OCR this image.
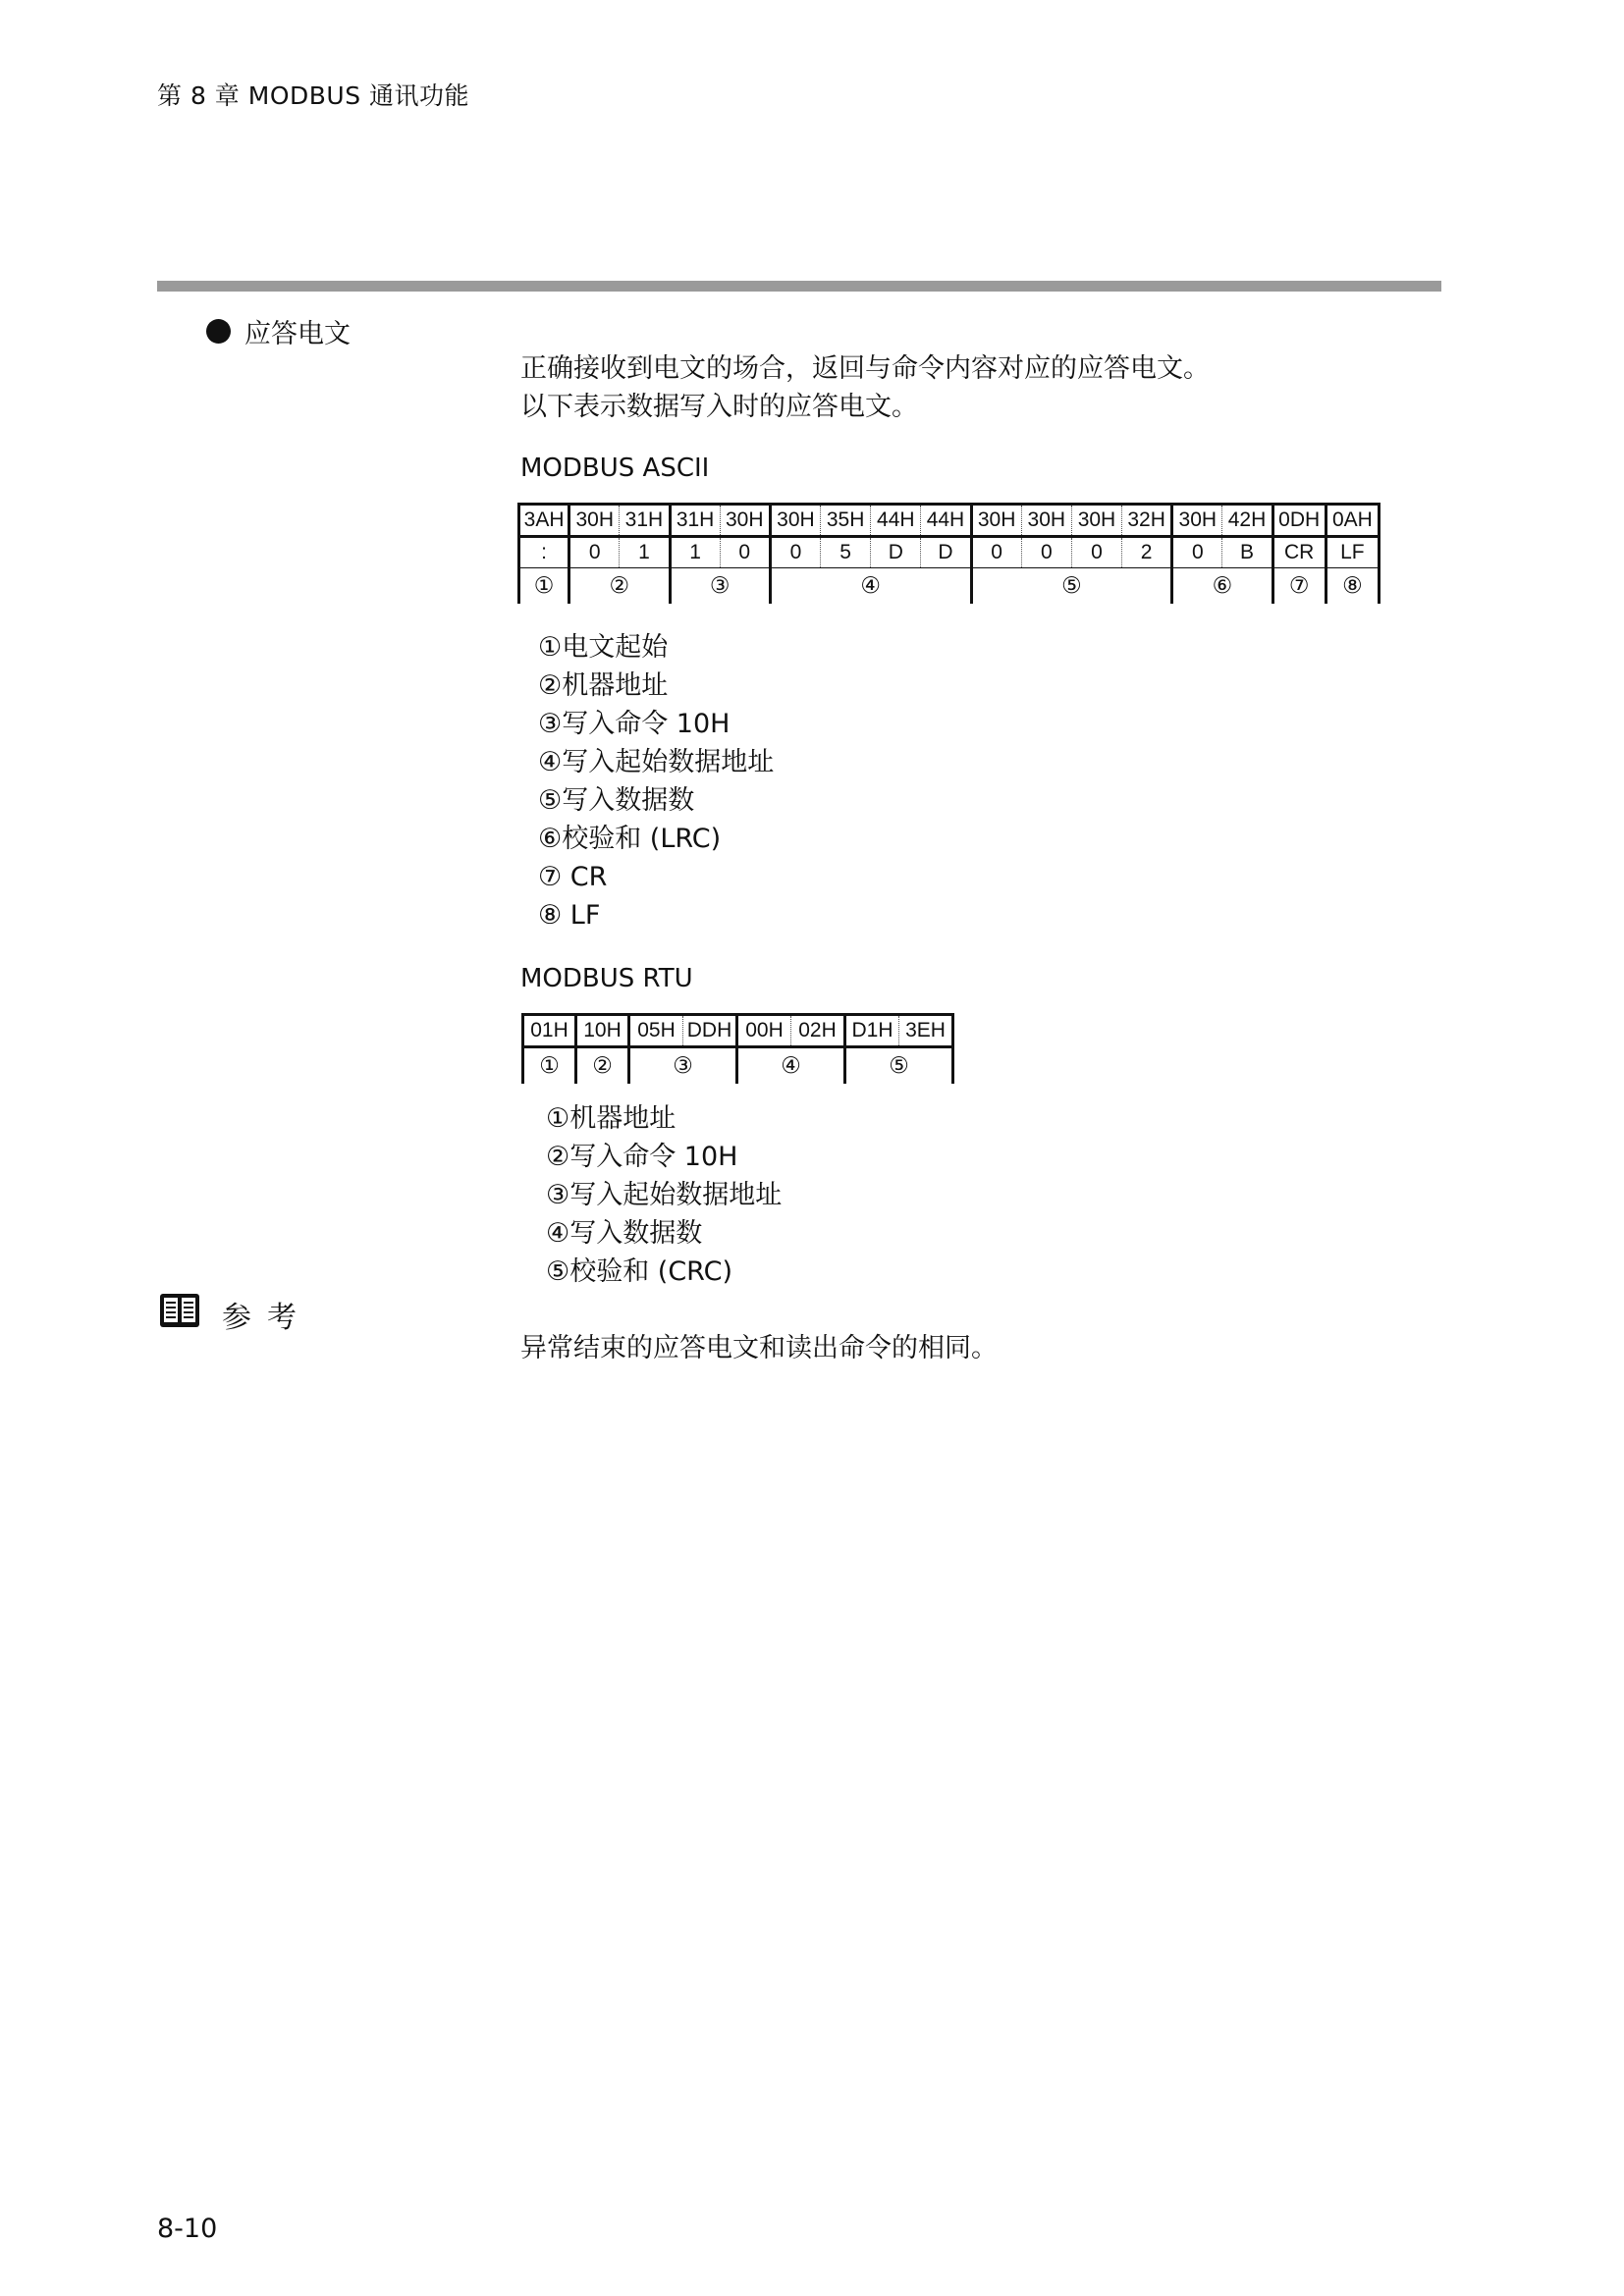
第 8 章 MODBUS 通讯功能
应答电文
正确接收到电文的场合，返回与命令内容对应的应答电文。
以下表示数据写入时的应答电文。
MODBUS ASCII
3AH	30H	31H	31H	30H	30H	35H	44H	44H	30H	30H	30H	32H	30H	42H	0DH	0AH
:	0	1	1	0	0	5	D	D	0	0	0	2	0	B	CR	LF
①	②		③		④				⑤				⑥		⑦	⑧
①电文起始
②机器地址
③写入命令 10H
④写入起始数据地址
⑤写入数据数
⑥校验和 (LRC)
⑦ CR
⑧ LF
MODBUS RTU
01H	10H	05H	DDH	00H	02H	D1H	3EH
①	②	③		④		⑤	
①机器地址
②写入命令 10H
③写入起始数据地址
④写入数据数
⑤校验和 (CRC)
参考
异常结束的应答电文和读出命令的相同。
8-10
